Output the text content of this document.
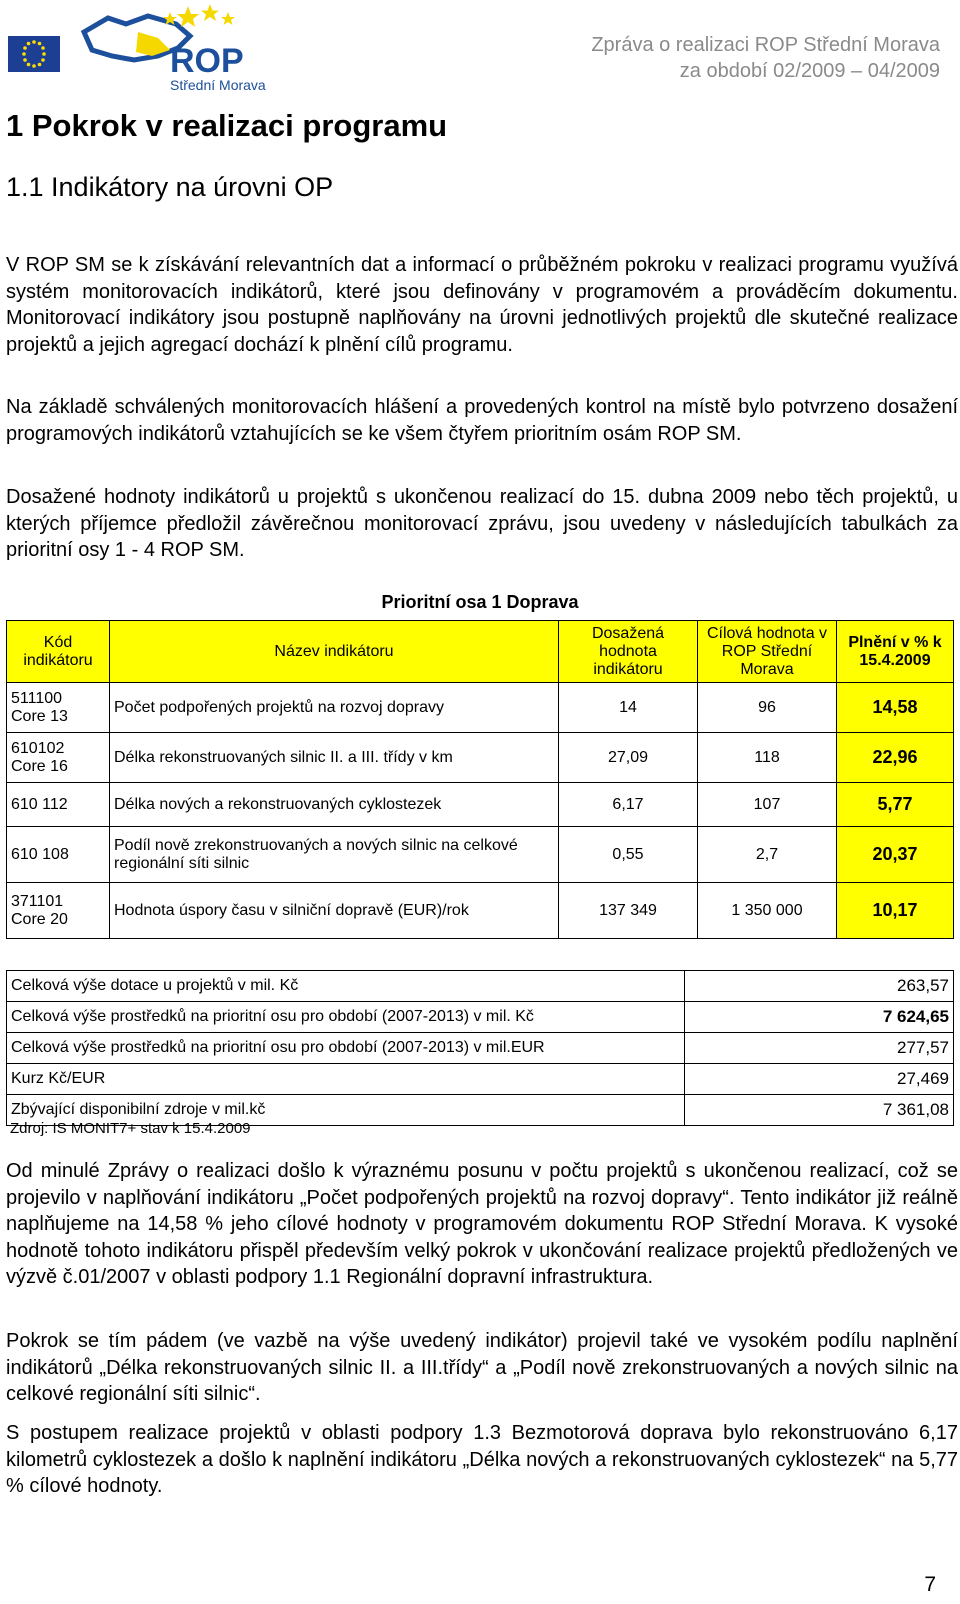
ROP
Střední Morava
Zpráva o realizaci ROP Střední Morava
za období 02/2009 – 04/2009
1 Pokrok v realizaci programu
1.1 Indikátory na úrovni OP

V ROP SM se k získávání relevantních dat a informací o průběžném pokroku v realizaci programu využívá systém monitorovacích indikátorů, které jsou definovány v programovém a prováděcím dokumentu. Monitorovací indikátory jsou postupně naplňovány na úrovni jednotlivých projektů dle skutečné realizace projektů a jejich agregací dochází k plnění cílů programu.

Na základě schválených monitorovacích hlášení a provedených kontrol na místě bylo potvrzeno dosažení programových indikátorů vztahujících se ke všem čtyřem prioritním osám ROP SM.

Dosažené hodnoty indikátorů u projektů s ukončenou realizací do 15. dubna 2009 nebo těch projektů, u kterých příjemce předložil závěrečnou monitorovací zprávu, jsou uvedeny v následujících tabulkách za prioritní osy 1 - 4 ROP SM.

Prioritní osa 1 Doprava
Kód indikátoru	Název indikátoru	Dosažená hodnota indikátoru	Cílová hodnota v ROP Střední Morava	Plnění v % k 15.4.2009
511100
Core 13	Počet podpořených projektů na rozvoj dopravy	14	96	14,58
610102
Core 16	Délka rekonstruovaných silnic II. a III. třídy v km	27,09	118	22,96
610 112	Délka nových a rekonstruovaných cyklostezek	6,17	107	5,77
610 108	Podíl nově zrekonstruovaných a nových silnic na celkové regionální síti silnic	0,55	2,7	20,37
371101
Core 20	Hodnota úspory času v silniční dopravě (EUR)/rok	137 349	1 350 000	10,17
Celková výše dotace u projektů v mil. Kč	263,57
Celková výše prostředků na prioritní osu pro období (2007-2013) v mil. Kč	7 624,65
Celková výše prostředků na prioritní osu pro období (2007-2013) v mil.EUR	277,57
Kurz Kč/EUR	27,469
Zbývající disponibilní zdroje v mil.kč	7 361,08
Zdroj: IS MONIT7+ stav k 15.4.2009

Od minulé Zprávy o realizaci došlo k výraznému posunu v počtu projektů s ukončenou realizací, což se projevilo v naplňování indikátoru „Počet podpořených projektů na rozvoj dopravy“. Tento indikátor již reálně naplňujeme na 14,58 % jeho cílové hodnoty v programovém dokumentu ROP Střední Morava. K vysoké hodnotě tohoto indikátoru přispěl především velký pokrok v ukončování realizace projektů předložených ve výzvě č.01/2007 v oblasti podpory 1.1 Regionální dopravní infrastruktura.

Pokrok se tím pádem (ve vazbě na výše uvedený indikátor) projevil také ve vysokém podílu naplnění indikátorů „Délka rekonstruovaných silnic II. a III.třídy“ a „Podíl nově zrekonstruovaných a nových silnic na celkové regionální síti silnic“.

S postupem realizace projektů v oblasti podpory 1.3 Bezmotorová doprava bylo rekonstruováno 6,17 kilometrů cyklostezek a došlo k naplnění indikátoru „Délka nových a rekonstruovaných cyklostezek“ na 5,77 % cílové hodnoty.

7
